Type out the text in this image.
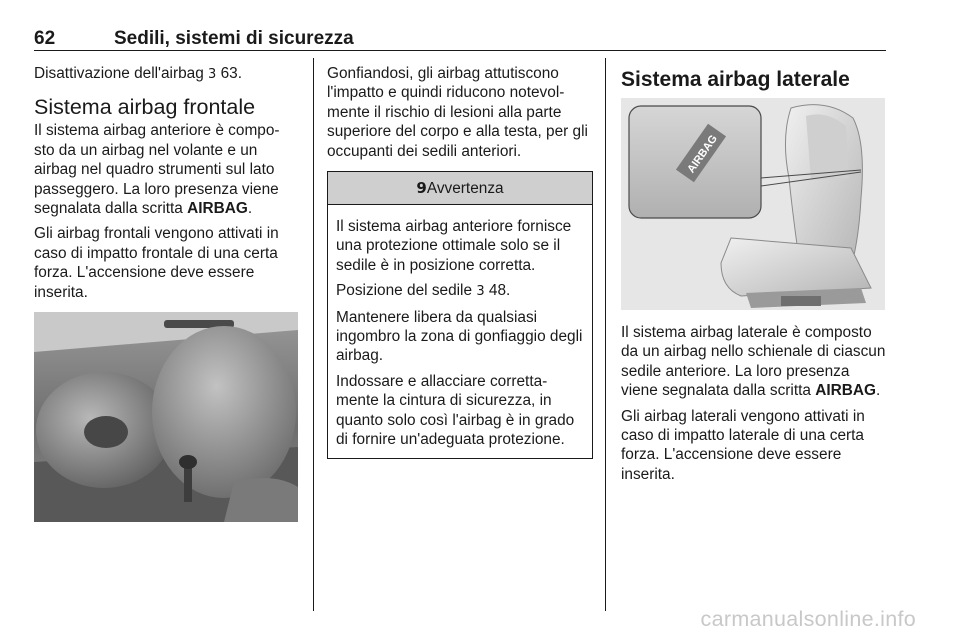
62	Sedili, sistemi di sicurezza

Disattivazione dell'airbag 3 63.

Sistema airbag frontale

Il sistema airbag anteriore è compo-sto da un airbag nel volante e un airbag nel quadro strumenti sul lato passeggero. La loro presenza viene segnalata dalla scritta AIRBAG.

Gli airbag frontali vengono attivati in caso di impatto frontale di una certa forza. L'accensione deve essere inserita.

Gonfiandosi, gli airbag attutiscono l'impatto e quindi riducono notevol-mente il rischio di lesioni alla parte superiore del corpo e alla testa, per gli occupanti dei sedili anteriori.

9Avvertenza

Il sistema airbag anteriore fornisce una protezione ottimale solo se il sedile è in posizione corretta.

Posizione del sedile 3 48.

Mantenere libera da qualsiasi ingombro la zona di gonfiaggio degli airbag.

Indossare e allacciare corretta-mente la cintura di sicurezza, in quanto solo così l'airbag è in grado di fornire un'adeguata protezione.

Sistema airbag laterale
AIRBAG

Il sistema airbag laterale è composto da un airbag nello schienale di ciascun sedile anteriore. La loro presenza viene segnalata dalla scritta AIRBAG.

Gli airbag laterali vengono attivati in caso di impatto laterale di una certa forza. L'accensione deve essere inserita.

carmanualsonline.info
